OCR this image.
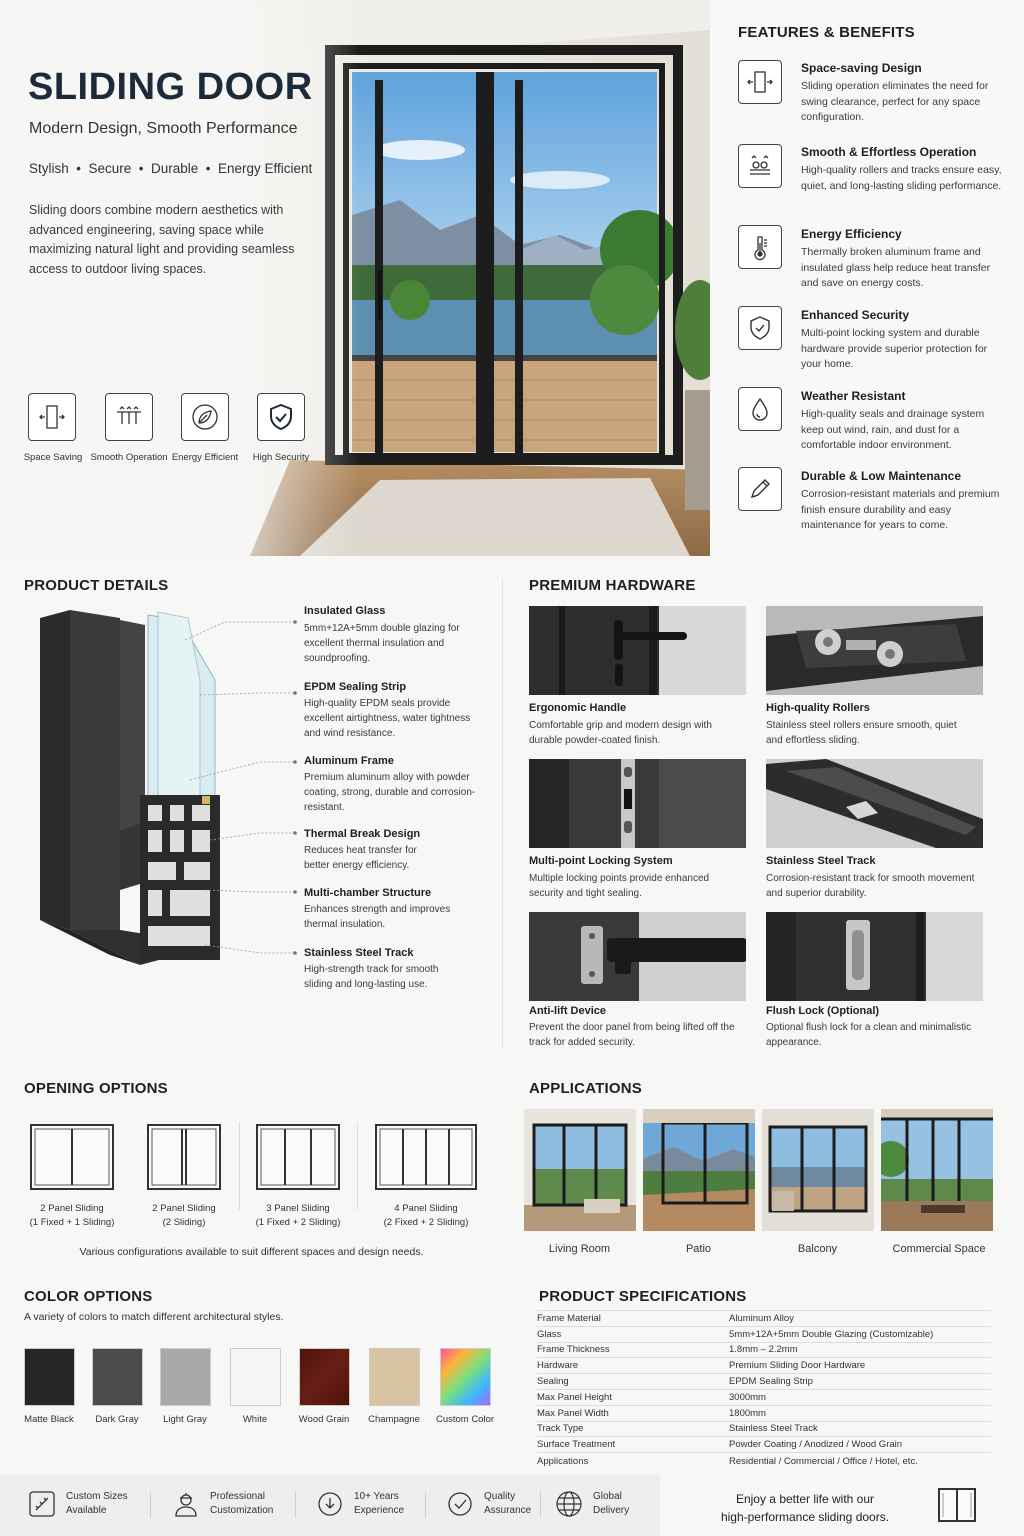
SLIDING DOOR
Modern Design, Smooth Performance
Stylish  •  Secure  •  Durable  •  Energy Efficient
Sliding doors combine modern aesthetics with advanced engineering, saving space while maximizing natural light and providing seamless access to outdoor living spaces.
Space Saving Smooth Operation Energy Efficient	High Security
FEATURES & BENEFITS
Space-saving Design
Sliding operation eliminates the need for swing clearance, perfect for any space configuration.
Smooth & Effortless Operation
High-quality rollers and tracks ensure easy, quiet, and long-lasting sliding performance.
Energy Efficiency
Thermally broken aluminum frame and insulated glass help reduce heat transfer and save on energy costs.
Enhanced Security
Multi-point locking system and durable hardware provide superior protection for your home.
Weather Resistant
High-quality seals and drainage system keep out wind, rain, and dust for a comfortable indoor environment.
Durable & Low Maintenance
Corrosion-resistant materials and premium finish ensure durability and easy maintenance for years to come.
PRODUCT DETAILS
Insulated Glass
5mm+12A+5mm double glazing for excellent thermal insulation and soundproofing.
EPDM Sealing Strip
High-quality EPDM seals provide excellent airtightness, water tightness and wind resistance.
Aluminum Frame
Premium aluminum alloy with powder coating, strong, durable and corrosion-resistant.
Thermal Break Design
Reduces heat transfer for better energy efficiency.
Multi-chamber Structure
Enhances strength and improves thermal insulation.
Stainless Steel Track
High-strength track for smooth sliding and long-lasting use.
PREMIUM HARDWARE
Ergonomic Handle
Comfortable grip and modern design with durable powder-coated finish.
High-quality Rollers
Stainless steel rollers ensure smooth, quiet and effortless sliding.
Multi-point Locking System
Multiple locking points provide enhanced security and tight sealing.
Stainless Steel Track
Corrosion-resistant track for smooth movement and superior durability.
Anti-lift Device
Prevent the door panel from being lifted off the track for added security.
Flush Lock (Optional)
Optional flush lock for a clean and minimalistic appearance.
OPENING OPTIONS
2 Panel Sliding
(1 Fixed + 1 Sliding)
2 Panel Sliding
(2 Sliding)
3 Panel Sliding
(1 Fixed + 2 Sliding)
4 Panel Sliding
(2 Fixed + 2 Sliding)
Various configurations available to suit different spaces and design needs.
APPLICATIONS
Living Room	Patio	Balcony	Commercial Space
COLOR OPTIONS
A variety of colors to match different architectural styles.
Matte Black	Dark Gray	Light Gray	White	Wood Grain	Champagne	Custom Color
PRODUCT SPECIFICATIONS
Frame Material	Aluminum Alloy
Glass	5mm+12A+5mm Double Glazing (Customizable)
Frame Thickness	1.8mm – 2.2mm
Hardware	Premium Sliding Door Hardware
Sealing	EPDM Sealing Strip
Max Panel Height	3000mm
Max Panel Width	1800mm
Track Type	Stainless Steel Track
Surface Treatment	Powder Coating / Anodized / Wood Grain
Applications	Residential / Commercial / Office / Hotel, etc.
Custom Sizes
Available
Professional
Customization
10+ Years
Experience
Quality
Assurance
Global
Delivery
Enjoy a better life with our
high-performance sliding doors.
